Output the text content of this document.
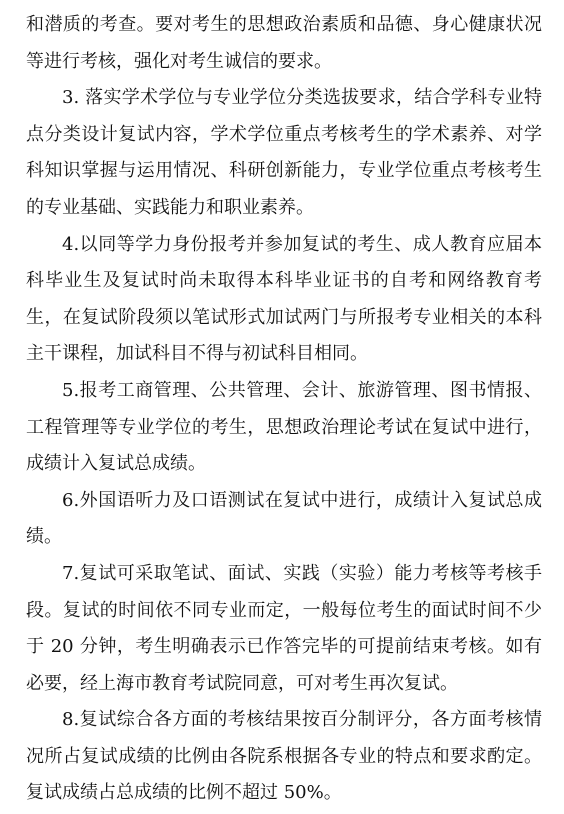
和潜质的考查。要对考生的思想政治素质和品德、身心健康状况等进行考核，强化对考生诚信的要求。

3. 落实学术学位与专业学位分类选拔要求，结合学科专业特点分类设计复试内容，学术学位重点考核考生的学术素养、对学科知识掌握与运用情况、科研创新能力，专业学位重点考核考生的专业基础、实践能力和职业素养。

4.以同等学力身份报考并参加复试的考生、成人教育应届本科毕业生及复试时尚未取得本科毕业证书的自考和网络教育考生，在复试阶段须以笔试形式加试两门与所报考专业相关的本科主干课程，加试科目不得与初试科目相同。

5.报考工商管理、公共管理、会计、旅游管理、图书情报、工程管理等专业学位的考生，思想政治理论考试在复试中进行，成绩计入复试总成绩。

6.外国语听力及口语测试在复试中进行，成绩计入复试总成绩。

7.复试可采取笔试、面试、实践（实验）能力考核等考核手段。复试的时间依不同专业而定，一般每位考生的面试时间不少于 20 分钟，考生明确表示已作答完毕的可提前结束考核。如有必要，经上海市教育考试院同意，可对考生再次复试。

8.复试综合各方面的考核结果按百分制评分，各方面考核情况所占复试成绩的比例由各院系根据各专业的特点和要求酌定。复试成绩占总成绩的比例不超过 50%。
